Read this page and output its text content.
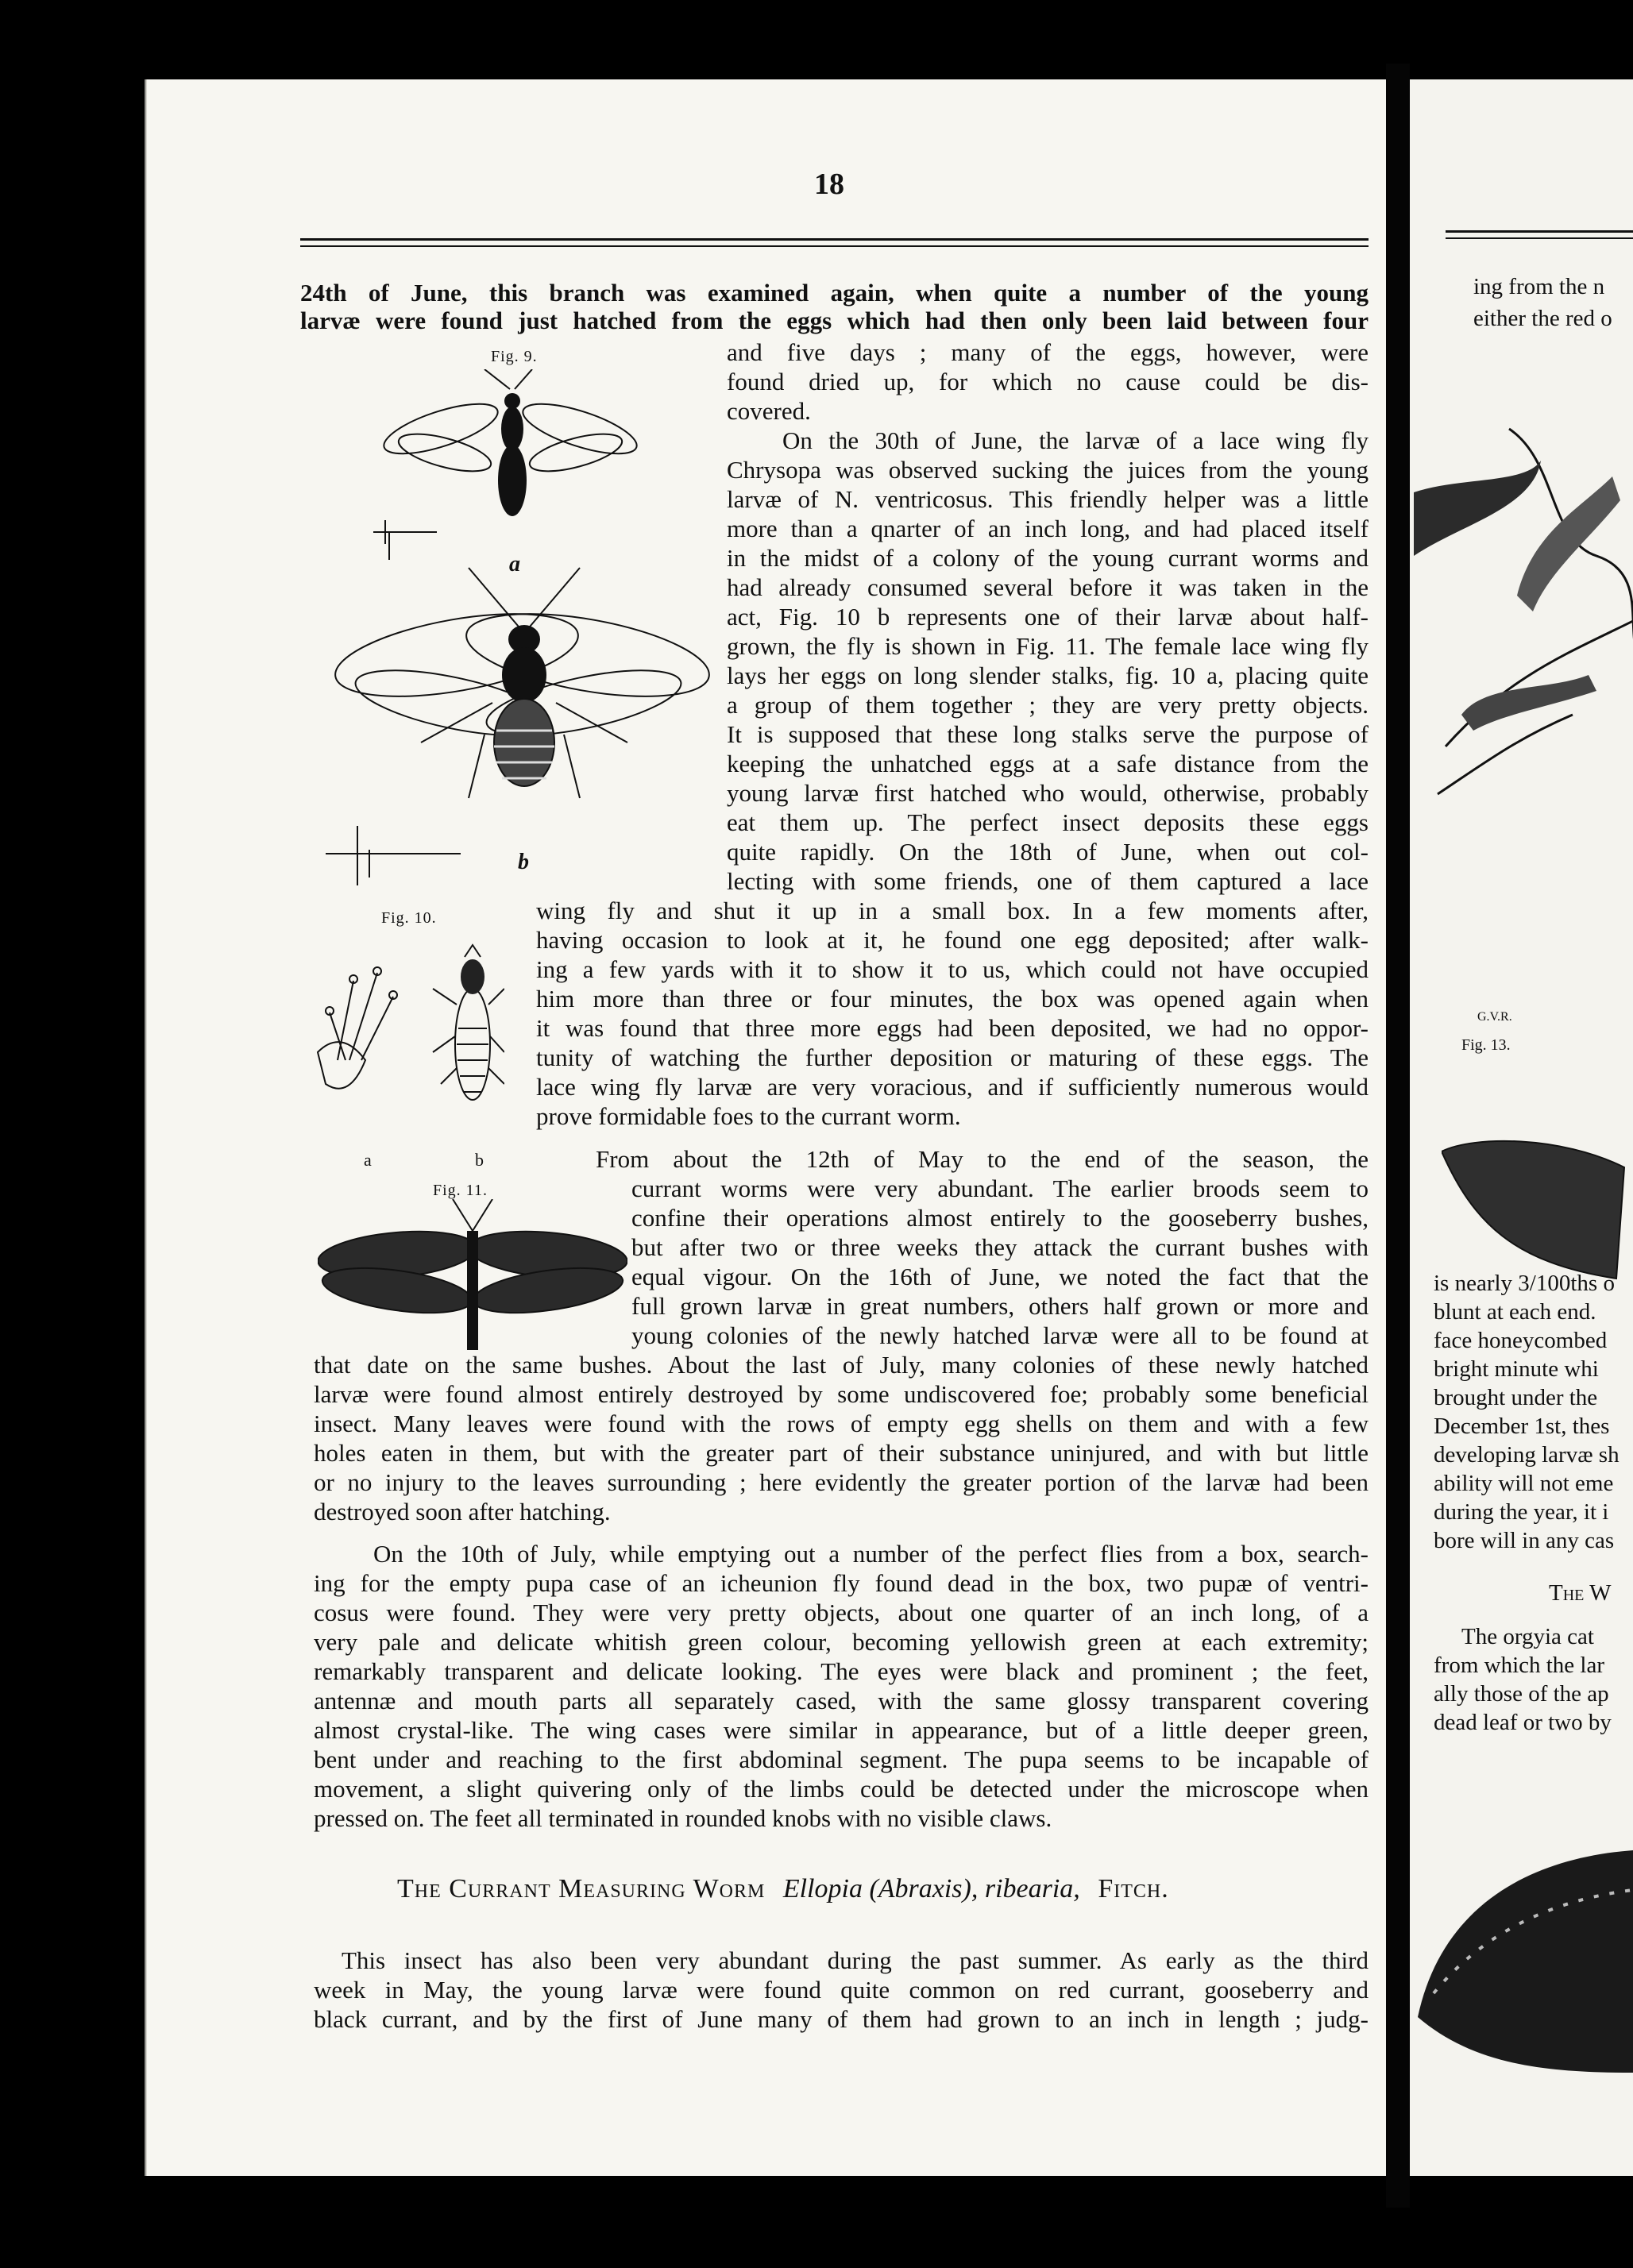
18
Fig. 9.
a
b
Fig. 10.
a	b
Fig. 11.
24th of June, this branch was examined again, when quite a number of the young
larvæ were found just hatched from the eggs which had then only been laid between four
and five days ; many of the eggs, however, were
found dried up, for which no cause could be dis-
covered.
On the 30th of June, the larvæ of a lace wing fly
Chrysopa was observed sucking the juices from the young
larvæ of N. ventricosus. This friendly helper was a little
more than a qnarter of an inch long, and had placed itself
in the midst of a colony of the young currant worms and
had already consumed several before it was taken in the
act, Fig. 10 b represents one of their larvæ about half-
grown, the fly is shown in Fig. 11. The female lace wing fly
lays her eggs on long slender stalks, fig. 10 a, placing quite
a group of them together ; they are very pretty objects.
It is supposed that these long stalks serve the purpose of
keeping the unhatched eggs at a safe distance from the
young larvæ first hatched who would, otherwise, probably
eat them up. The perfect insect deposits these eggs
quite rapidly. On the 18th of June, when out col-
lecting with some friends, one of them captured a lace
wing fly and shut it up in a small box. In a few moments after,
having occasion to look at it, he found one egg deposited; after walk-
ing a few yards with it to show it to us, which could not have occupied
him more than three or four minutes, the box was opened again when
it was found that three more eggs had been deposited, we had no oppor-
tunity of watching the further deposition or maturing of these eggs. The
lace wing fly larvæ are very voracious, and if sufficiently numerous would
prove formidable foes to the currant worm.
From about the 12th of May to the end of the season, the
currant worms were very abundant. The earlier broods seem to
confine their operations almost entirely to the gooseberry bushes,
but after two or three weeks they attack the currant bushes with
equal vigour. On the 16th of June, we noted the fact that the
full grown larvæ in great numbers, others half grown or more and
young colonies of the newly hatched larvæ were all to be found at
that date on the same bushes. About the last of July, many colonies of these newly hatched
larvæ were found almost entirely destroyed by some undiscovered foe; probably some beneficial
insect. Many leaves were found with the rows of empty egg shells on them and with a few
holes eaten in them, but with the greater part of their substance uninjured, and with but little
or no injury to the leaves surrounding ; here evidently the greater portion of the larvæ had been
destroyed soon after hatching.
On the 10th of July, while emptying out a number of the perfect flies from a box, search-
ing for the empty pupa case of an icheunion fly found dead in the box, two pupæ of ventri-
cosus were found. They were very pretty objects, about one quarter of an inch long, of a
very pale and delicate whitish green colour, becoming yellowish green at each extremity;
remarkably transparent and delicate looking. The eyes were black and prominent ; the feet,
antennæ and mouth parts all separately cased, with the same glossy transparent covering
almost crystal-like. The wing cases were similar in appearance, but of a little deeper green,
bent under and reaching to the first abdominal segment. The pupa seems to be incapable of
movement, a slight quivering only of the limbs could be detected under the microscope when
pressed on. The feet all terminated in rounded knobs with no visible claws.
The Currant Measuring Worm Ellopia (Abraxis), ribearia, Fitch.
This insect has also been very abundant during the past summer. As early as the third
week in May, the young larvæ were found quite common on red currant, gooseberry and
black currant, and by the first of June many of them had grown to an inch in length ; judg-
G.V.R.
ing from the n
either the red o
Fig. 13.
is nearly 3/100ths o
blunt at each end.
face honeycombed
bright minute whi
brought under the
December 1st, thes
developing larvæ sh
ability will not eme
during the year, it i
bore will in any cas
The W
The orgyia cat
from which the lar
ally those of the ap
dead leaf or two by
